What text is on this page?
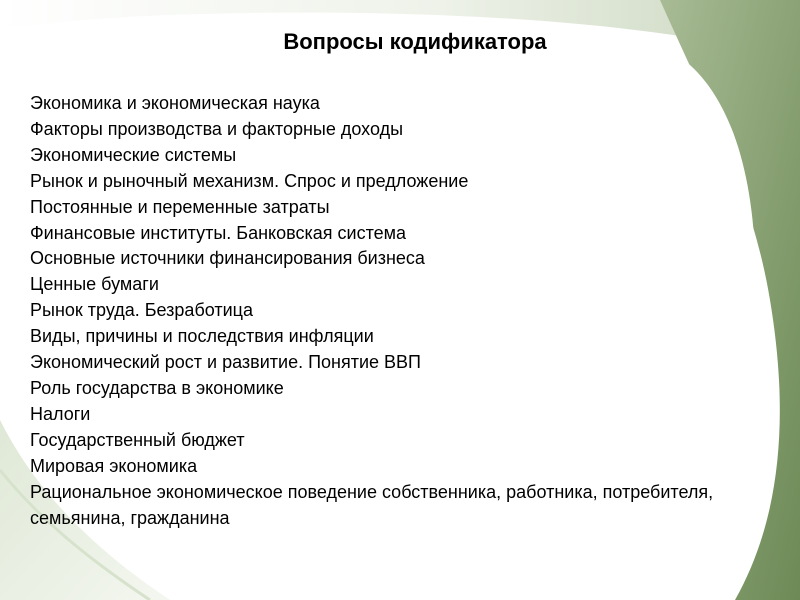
Вопросы кодификатора
Экономика и экономическая наука
Факторы производства и факторные доходы
Экономические системы
Рынок и рыночный механизм. Спрос и предложение
Постоянные и переменные затраты
Финансовые институты. Банковская система
Основные источники финансирования бизнеса
Ценные бумаги
Рынок труда. Безработица
Виды, причины и последствия инфляции
Экономический рост и развитие. Понятие ВВП
Роль государства в экономике
Налоги
Государственный бюджет
Мировая экономика
Рациональное экономическое поведение собственника, работника, потребителя, семьянина, гражданина
